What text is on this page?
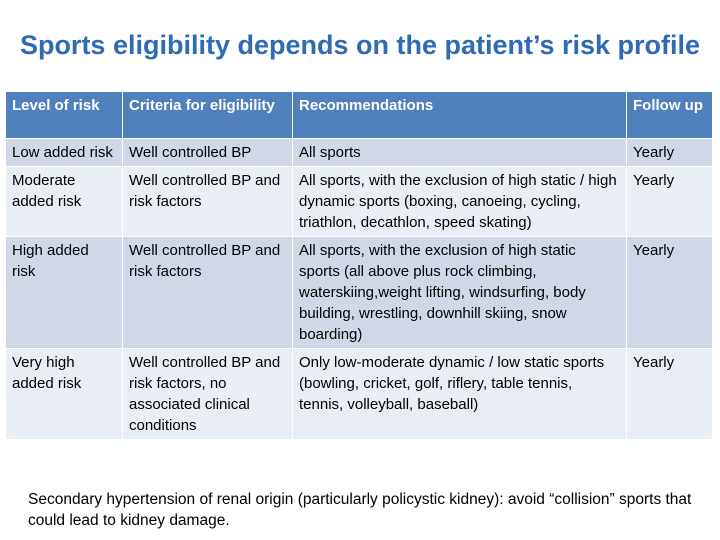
Sports eligibility depends on the patient’s risk profile
Level of risk	Criteria for eligibility	Recommendations	Follow up
Low added risk	Well controlled BP	All sports	Yearly
Moderate added risk	Well controlled BP and risk factors	All sports, with the exclusion of high static / high dynamic sports (boxing, canoeing, cycling, triathlon, decathlon, speed skating)	Yearly
High added risk	Well controlled BP and risk factors	All sports, with the exclusion of high static sports (all above plus rock climbing, waterskiing,weight lifting, windsurfing, body building, wrestling, downhill skiing, snow boarding)	Yearly
Very high added risk	Well controlled BP and risk factors, no associated clinical conditions	Only low-moderate dynamic / low static sports (bowling, cricket, golf, riflery, table tennis, tennis, volleyball, baseball)	Yearly
Secondary hypertension of renal origin (particularly policystic kidney): avoid “collision” sports that could lead to kidney damage.
